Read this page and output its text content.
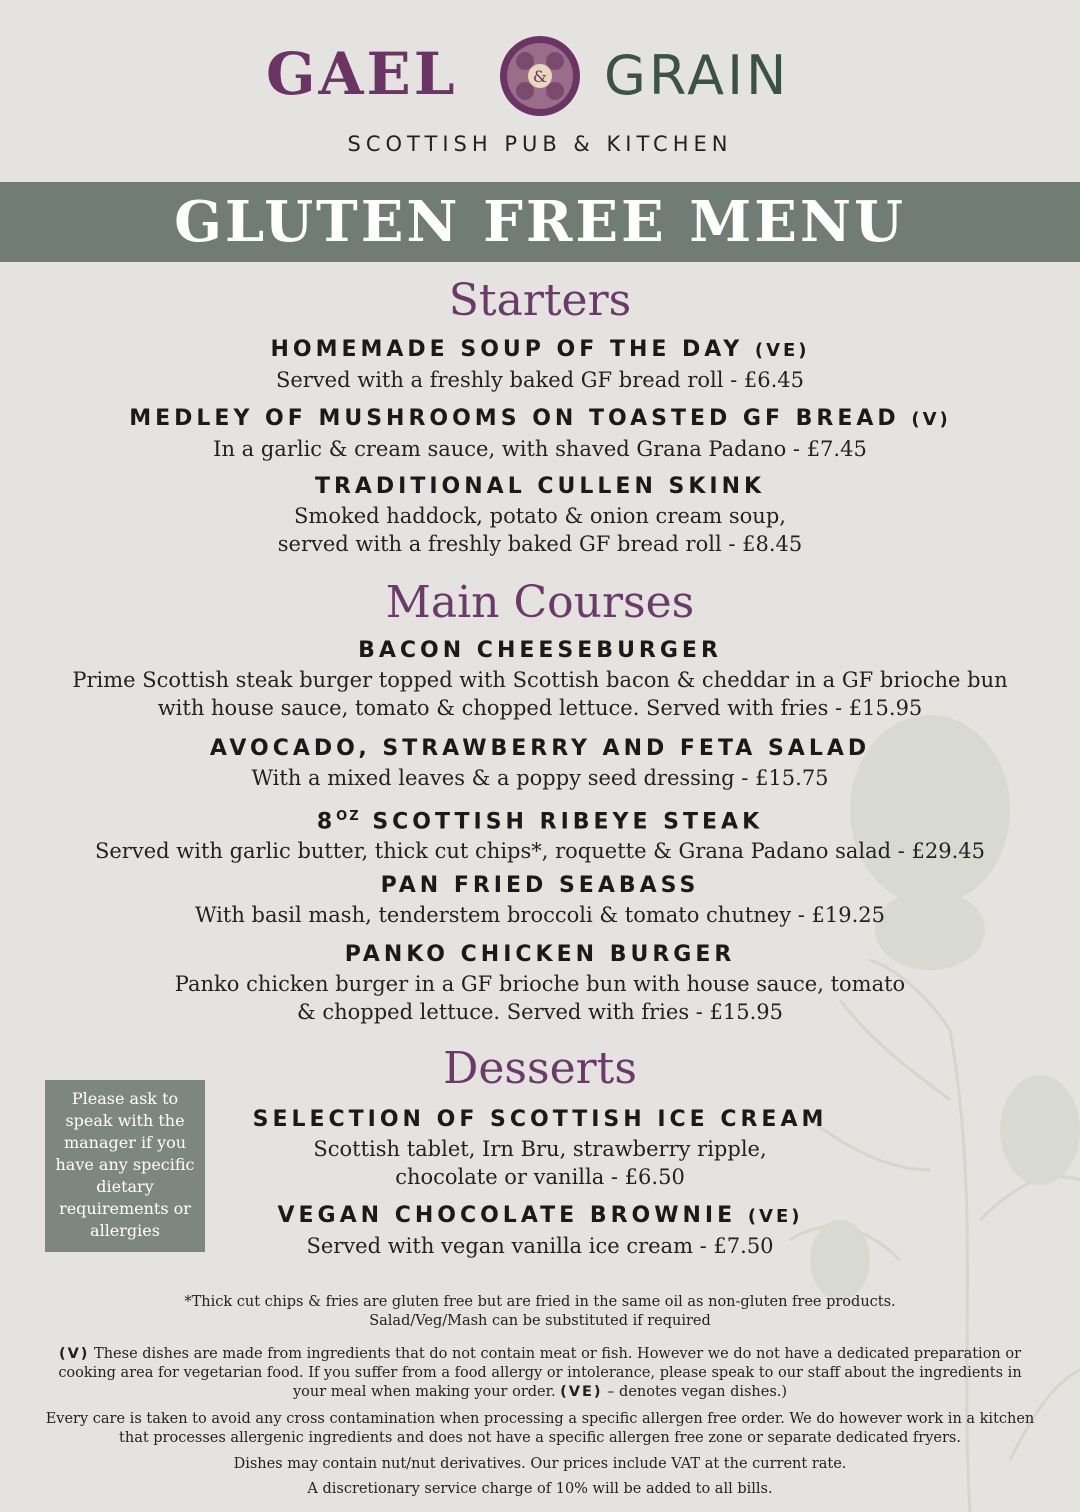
GAEL	& GRAIN
SCOTTISH PUB & KITCHEN
GLUTEN FREE MENU
Starters
HOMEMADE SOUP OF THE DAY (VE)
Served with a freshly baked GF bread roll - £6.45
MEDLEY OF MUSHROOMS ON TOASTED GF BREAD (V)
In a garlic & cream sauce, with shaved Grana Padano - £7.45
TRADITIONAL CULLEN SKINK
Smoked haddock, potato & onion cream soup,
served with a freshly baked GF bread roll - £8.45
Main Courses
BACON CHEESEBURGER
Prime Scottish steak burger topped with Scottish bacon & cheddar in a GF brioche bun
with house sauce, tomato & chopped lettuce. Served with fries - £15.95
AVOCADO, STRAWBERRY AND FETA SALAD
With a mixed leaves & a poppy seed dressing - £15.75
$8^{OZ}$ SCOTTISH RIBEYE STEAK
Served with garlic butter, thick cut chips*, roquette & Grana Padano salad - £29.45
PAN FRIED SEABASS
With basil mash, tenderstem broccoli & tomato chutney - £19.25
PANKO CHICKEN BURGER
Panko chicken burger in a GF brioche bun with house sauce, tomato
& chopped lettuce. Served with fries - £15.95
Desserts
SELECTION OF SCOTTISH ICE CREAM
Scottish tablet, Irn Bru, strawberry ripple,
chocolate or vanilla - £6.50
VEGAN CHOCOLATE BROWNIE (VE)
Served with vegan vanilla ice cream - £7.50
Please ask to speak with the manager if you have any specific dietary requirements or allergies
*Thick cut chips & fries are gluten free but are fried in the same oil as non-gluten free products.
Salad/Veg/Mash can be substituted if required
(V) These dishes are made from ingredients that do not contain meat or fish. However we do not have a dedicated preparation or cooking area for vegetarian food. If you suffer from a food allergy or intolerance, please speak to our staff about the ingredients in your meal when making your order. (VE) – denotes vegan dishes.)
Every care is taken to avoid any cross contamination when processing a specific allergen free order. We do however work in a kitchen that processes allergenic ingredients and does not have a specific allergen free zone or separate dedicated fryers.
Dishes may contain nut/nut derivatives. Our prices include VAT at the current rate.
A discretionary service charge of 10% will be added to all bills.
